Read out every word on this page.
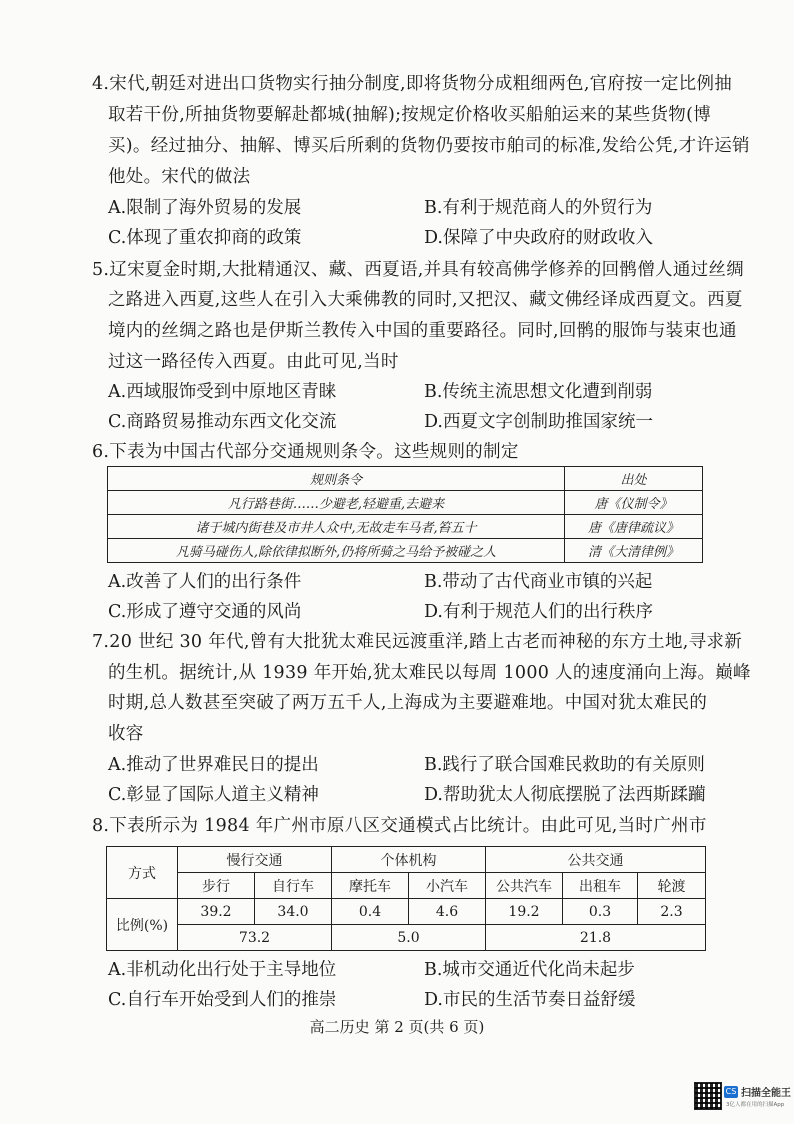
4.宋代,朝廷对进出口货物实行抽分制度,即将货物分成粗细两色,官府按一定比例抽
取若干份,所抽货物要解赴都城(抽解);按规定价格收买船舶运来的某些货物(博
买)。经过抽分、抽解、博买后所剩的货物仍要按市舶司的标准,发给公凭,才许运销
他处。宋代的做法
A.限制了海外贸易的发展	B.有利于规范商人的外贸行为
C.体现了重农抑商的政策	D.保障了中央政府的财政收入
5.辽宋夏金时期,大批精通汉、藏、西夏语,并具有较高佛学修养的回鹘僧人通过丝绸
之路进入西夏,这些人在引入大乘佛教的同时,又把汉、藏文佛经译成西夏文。西夏
境内的丝绸之路也是伊斯兰教传入中国的重要路径。同时,回鹘的服饰与装束也通
过这一路径传入西夏。由此可见,当时
A.西域服饰受到中原地区青睐	B.传统主流思想文化遭到削弱
C.商路贸易推动东西文化交流	D.西夏文字创制助推国家统一
6.下表为中国古代部分交通规则条令。这些规则的制定
规则条令	出处
凡行路巷街……少避老,轻避重,去避来	唐《仪制令》
诸于城内街巷及市井人众中,无故走车马者,笞五十	唐《唐律疏议》
凡骑马碰伤人,除依律拟断外,仍将所骑之马给予被碰之人	清《大清律例》
A.改善了人们的出行条件	B.带动了古代商业市镇的兴起
C.形成了遵守交通的风尚	D.有利于规范人们的出行秩序
7.20 世纪 30 年代,曾有大批犹太难民远渡重洋,踏上古老而神秘的东方土地,寻求新
的生机。据统计,从 1939 年开始,犹太难民以每周 1000 人的速度涌向上海。巅峰
时期,总人数甚至突破了两万五千人,上海成为主要避难地。中国对犹太难民的
收容
A.推动了世界难民日的提出	B.践行了联合国难民救助的有关原则
C.彰显了国际人道主义精神	D.帮助犹太人彻底摆脱了法西斯蹂躏
8.下表所示为 1984 年广州市原八区交通模式占比统计。由此可见,当时广州市
方式	慢行交通		个体机构		公共交通		
	步行	自行车	摩托车	小汽车	公共汽车	出租车	轮渡
比例(%)	39.2	34.0	0.4	4.6	19.2	0.3	2.3
	73.2		5.0		21.8		
A.非机动化出行处于主导地位	B.城市交通近代化尚未起步
C.自行车开始受到人们的推崇	D.市民的生活节奏日益舒缓
高二历史 第 2 页(共 6 页)
CS 扫描全能王
3亿人都在用的扫描App
